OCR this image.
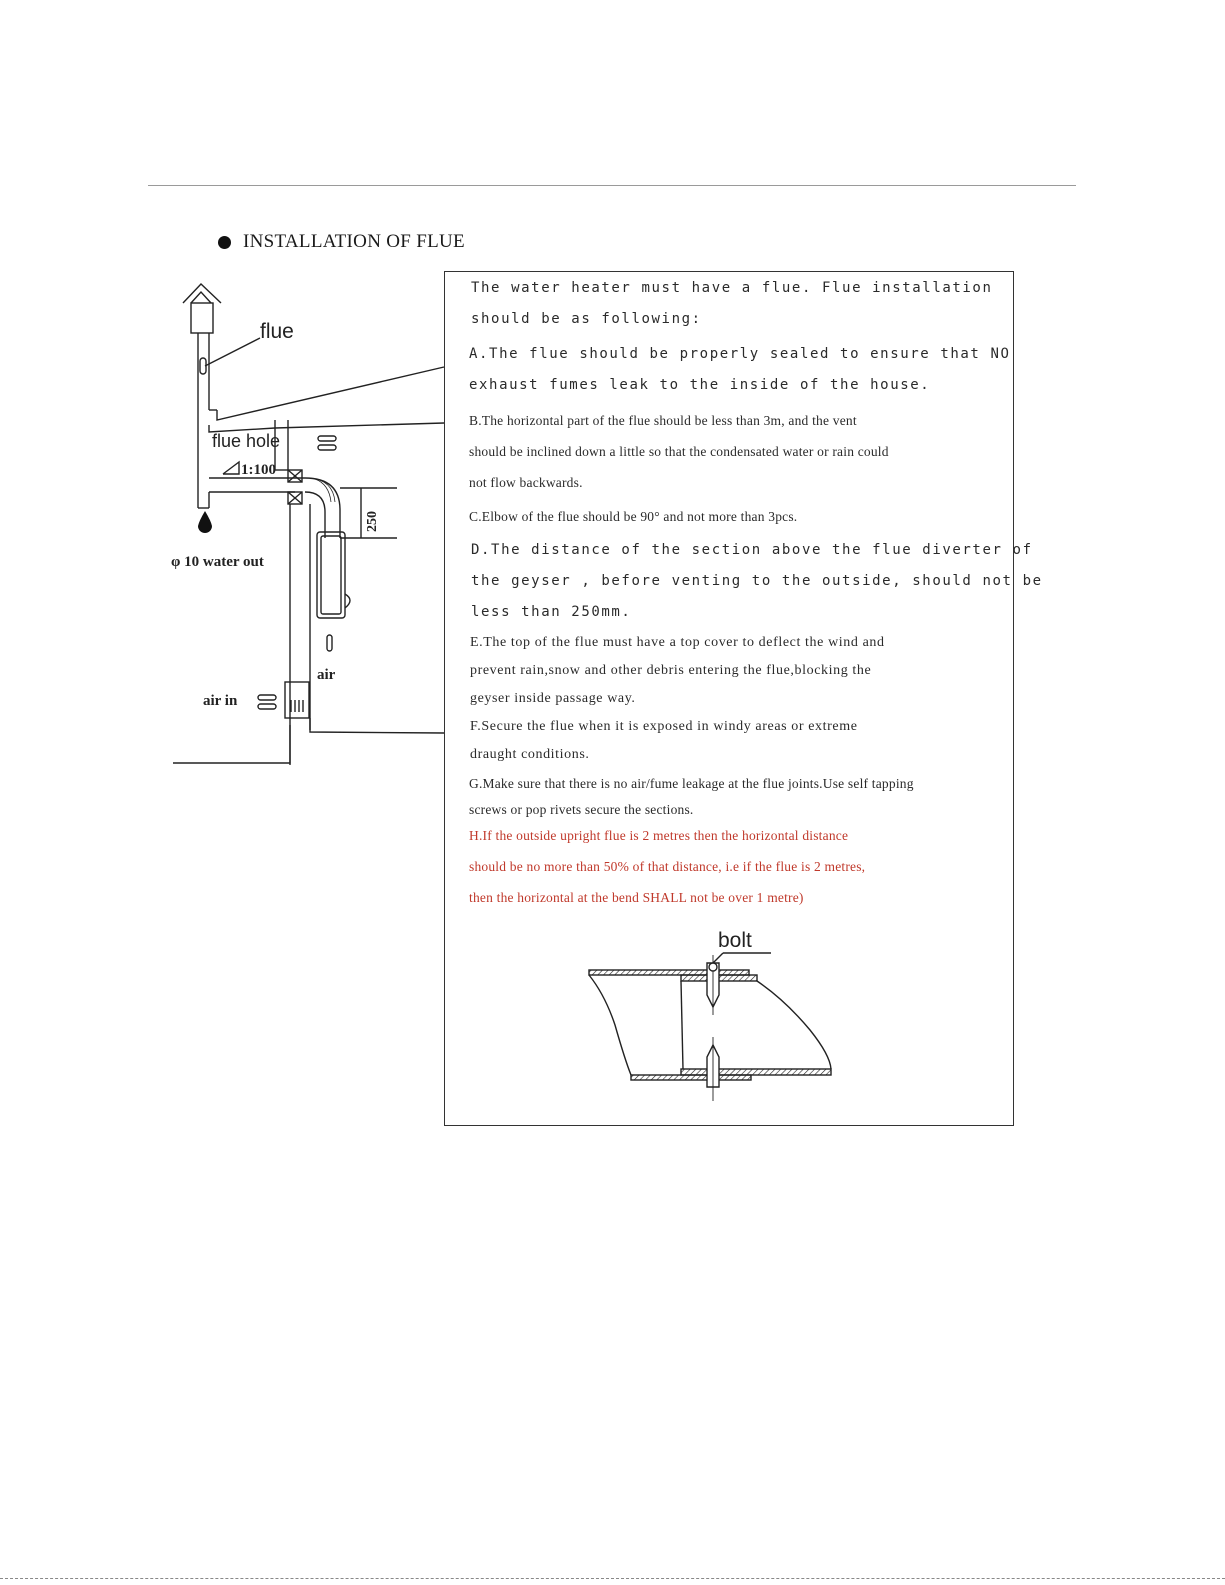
INSTALLATION OF FLUE
flue
flue hole
1:100
250
φ 10 water out
air
air in
The water heater must have a flue. Flue installation
should be as following:
A.The flue should be properly sealed to ensure that NO
exhaust fumes leak to the inside of the house.
B.The horizontal part of the flue should be less than 3m, and the vent
should be inclined down a little so that the condensated water or rain could
not flow backwards.
C.Elbow of the flue should be 90° and not more than 3pcs.
D.The distance of the section above the flue diverter of
the geyser , before venting to the outside, should not be
less than 250mm.
E.The top of the flue must have a top cover to deflect the wind and
prevent rain,snow and other debris entering the flue,blocking the
geyser inside passage way.
F.Secure the flue when it is exposed in windy areas or extreme
draught conditions.
G.Make sure that there is no air/fume leakage at the flue joints.Use self tapping
screws or pop rivets secure the sections.
H.If the outside upright flue is 2 metres then the horizontal distance
should be no more than 50% of that distance, i.e if the flue is 2 metres,
then the horizontal at the bend SHALL not be over 1 metre)
bolt
